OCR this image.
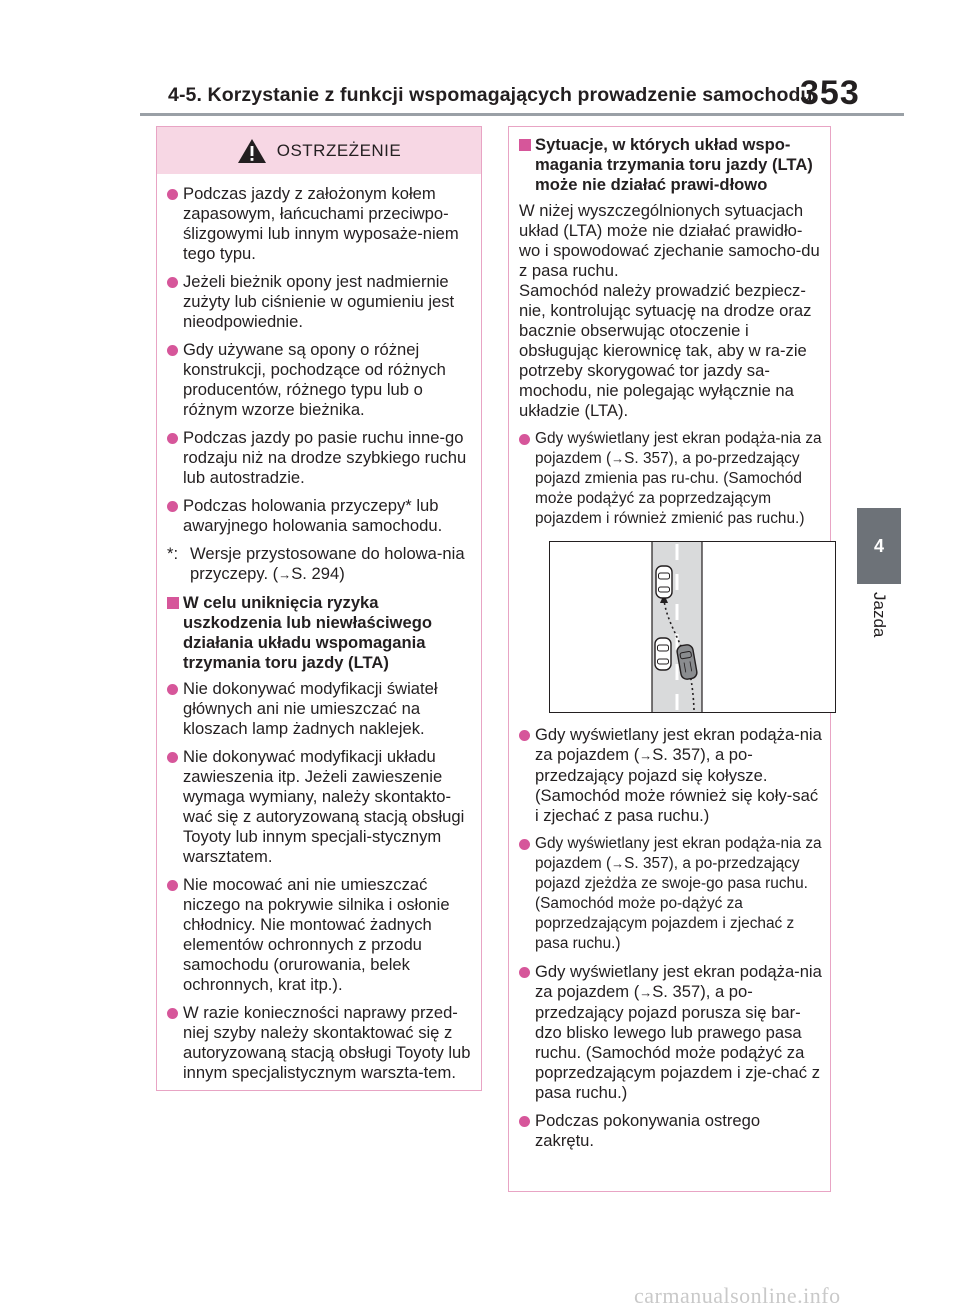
4-5. Korzystanie z funkcji wspomagających prowadzenie samochodu
353
4
Jazda
OSTRZEŻENIE
Podczas jazdy z założonym kołem zapasowym, łańcuchami przeciwpo-ślizgowymi lub innym wyposaże-niem tego typu.
Jeżeli bieżnik opony jest nadmiernie zużyty lub ciśnienie w ogumieniu jest nieodpowiednie.
Gdy używane są opony o różnej konstrukcji, pochodzące od różnych producentów, różnego typu lub o różnym wzorze bieżnika.
Podczas jazdy po pasie ruchu inne-go rodzaju niż na drodze szybkiego ruchu lub autostradzie.
Podczas holowania przyczepy* lub awaryjnego holowania samochodu.
*: Wersje przystosowane do holowa-nia przyczepy. (→S. 294)
W celu uniknięcia ryzyka uszkodzenia lub niewłaściwego działania układu wspomagania trzymania toru jazdy (LTA)
Nie dokonywać modyfikacji świateł głównych ani nie umieszczać na kloszach lamp żadnych naklejek.
Nie dokonywać modyfikacji układu zawieszenia itp. Jeżeli zawieszenie wymaga wymiany, należy skontakto-wać się z autoryzowaną stacją obsługi Toyoty lub innym specjali-stycznym warsztatem.
Nie mocować ani nie umieszczać niczego na pokrywie silnika i osłonie chłodnicy. Nie montować żadnych elementów ochronnych z przodu samochodu (orurowania, belek ochronnych, krat itp.).
W razie konieczności naprawy przed-niej szyby należy skontaktować się z autoryzowaną stacją obsługi Toyoty lub innym specjalistycznym warszta-tem.
Sytuacje, w których układ wspo-magania trzymania toru jazdy (LTA) może nie działać prawi-dłowo
W niżej wyszczególnionych sytuacjach układ (LTA) może nie działać prawidło-wo i spowodować zjechanie samocho-du z pasa ruchu.
Samochód należy prowadzić bezpiecz-nie, kontrolując sytuację na drodze oraz bacznie obserwując otoczenie i obsługując kierownicę tak, aby w ra-zie potrzeby skorygować tor jazdy sa-mochodu, nie polegając wyłącznie na układzie (LTA).
Gdy wyświetlany jest ekran podąża-nia za pojazdem (→S. 357), a po-przedzający pojazd zmienia pas ru-chu. (Samochód może podążyć za poprzedzającym pojazdem i również zmienić pas ruchu.)
Gdy wyświetlany jest ekran podąża-nia za pojazdem (→S. 357), a po-przedzający pojazd się kołysze. (Samochód może również się koły-sać i zjechać z pasa ruchu.)
Gdy wyświetlany jest ekran podąża-nia za pojazdem (→S. 357), a po-przedzający pojazd zjeżdża ze swoje-go pasa ruchu. (Samochód może po-dążyć za poprzedzającym pojazdem i zjechać z pasa ruchu.)
Gdy wyświetlany jest ekran podąża-nia za pojazdem (→S. 357), a po-przedzający pojazd porusza się bar-dzo blisko lewego lub prawego pasa ruchu. (Samochód może podążyć za poprzedzającym pojazdem i zje-chać z pasa ruchu.)
Podczas pokonywania ostrego zakrętu.
carmanualsonline.info
